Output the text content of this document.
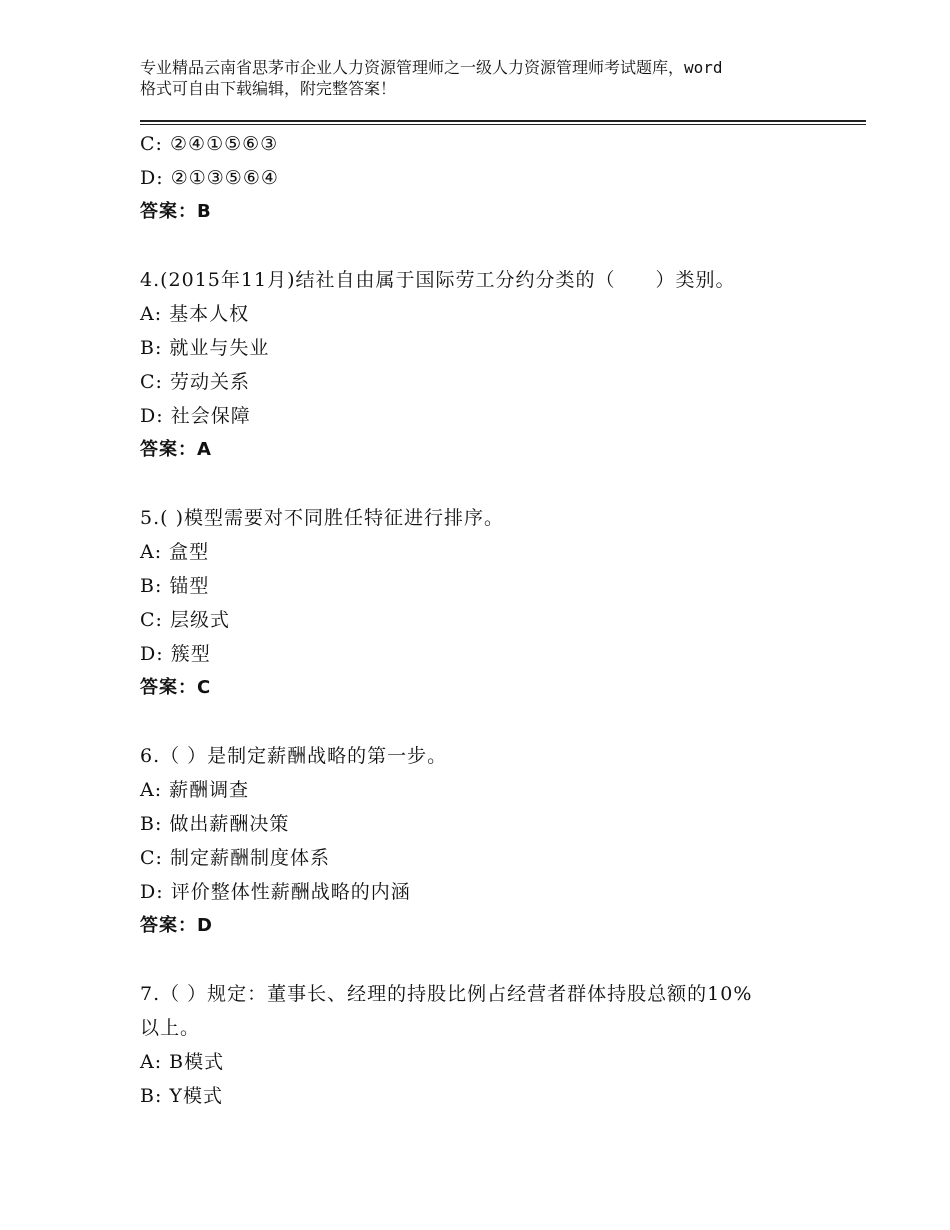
专业精品云南省思茅市企业人力资源管理师之一级人力资源管理师考试题库，word
格式可自由下载编辑，附完整答案！
C: ②④①⑤⑥③
D: ②①③⑤⑥④
答案：B
4.(2015年11月)结社自由属于国际劳工分约分类的（　　）类别。
A: 基本人权
B: 就业与失业
C: 劳动关系
D: 社会保障
答案：A
5.( )模型需要对不同胜任特征进行排序。
A: 盒型
B: 锚型
C: 层级式
D: 簇型
答案：C
6.（ ）是制定薪酬战略的第一步。
A: 薪酬调查
B: 做出薪酬决策
C: 制定薪酬制度体系
D: 评价整体性薪酬战略的内涵
答案：D
7.（ ）规定：董事长、经理的持股比例占经营者群体持股总额的10%
以上。
A: B模式
B: Y模式
